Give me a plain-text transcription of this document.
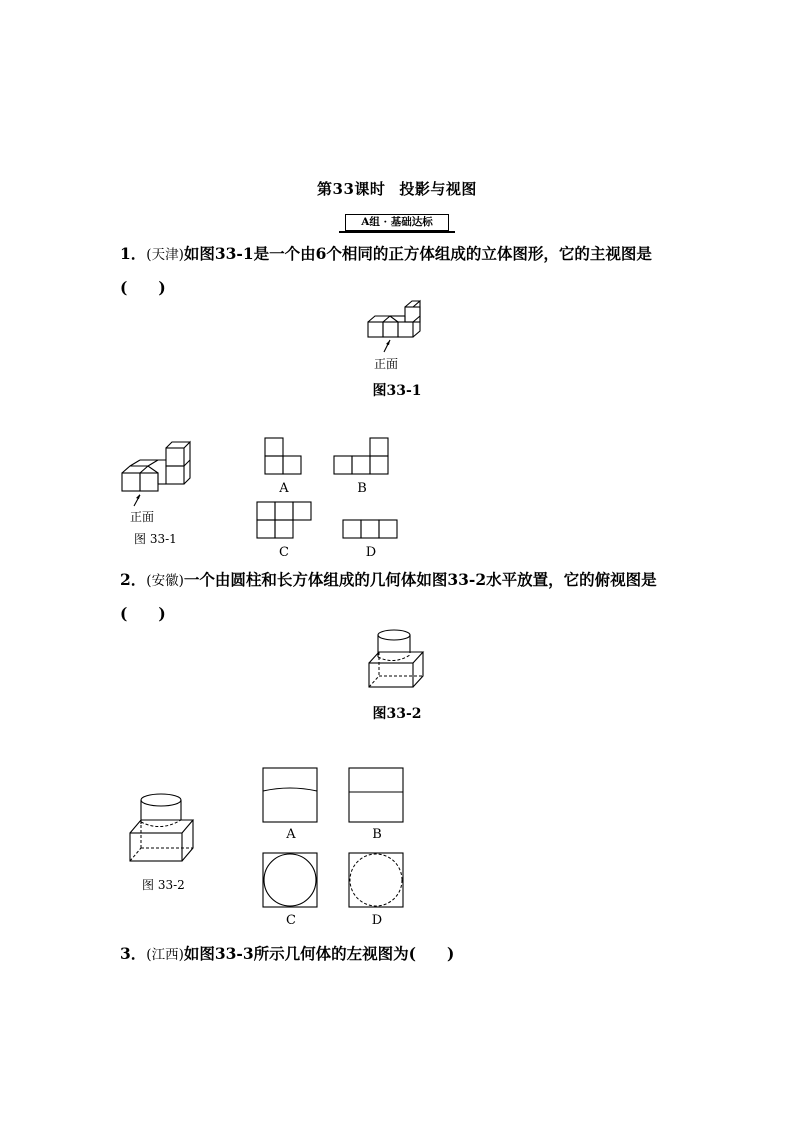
第33课时 投影与视图
A组 · 基础达标
1．(天津)如图33-1是一个由6个相同的正方体组成的立体图形，它的主视图是
(　　)
正面
图33-1
正面
图 33-1
A	B
C	D
2．(安徽)一个由圆柱和长方体组成的几何体如图33-2水平放置，它的俯视图是
(　　)
图33-2
图 33-2
A	B
C	D
3．(江西)如图33-3所示几何体的左视图为(　　)
